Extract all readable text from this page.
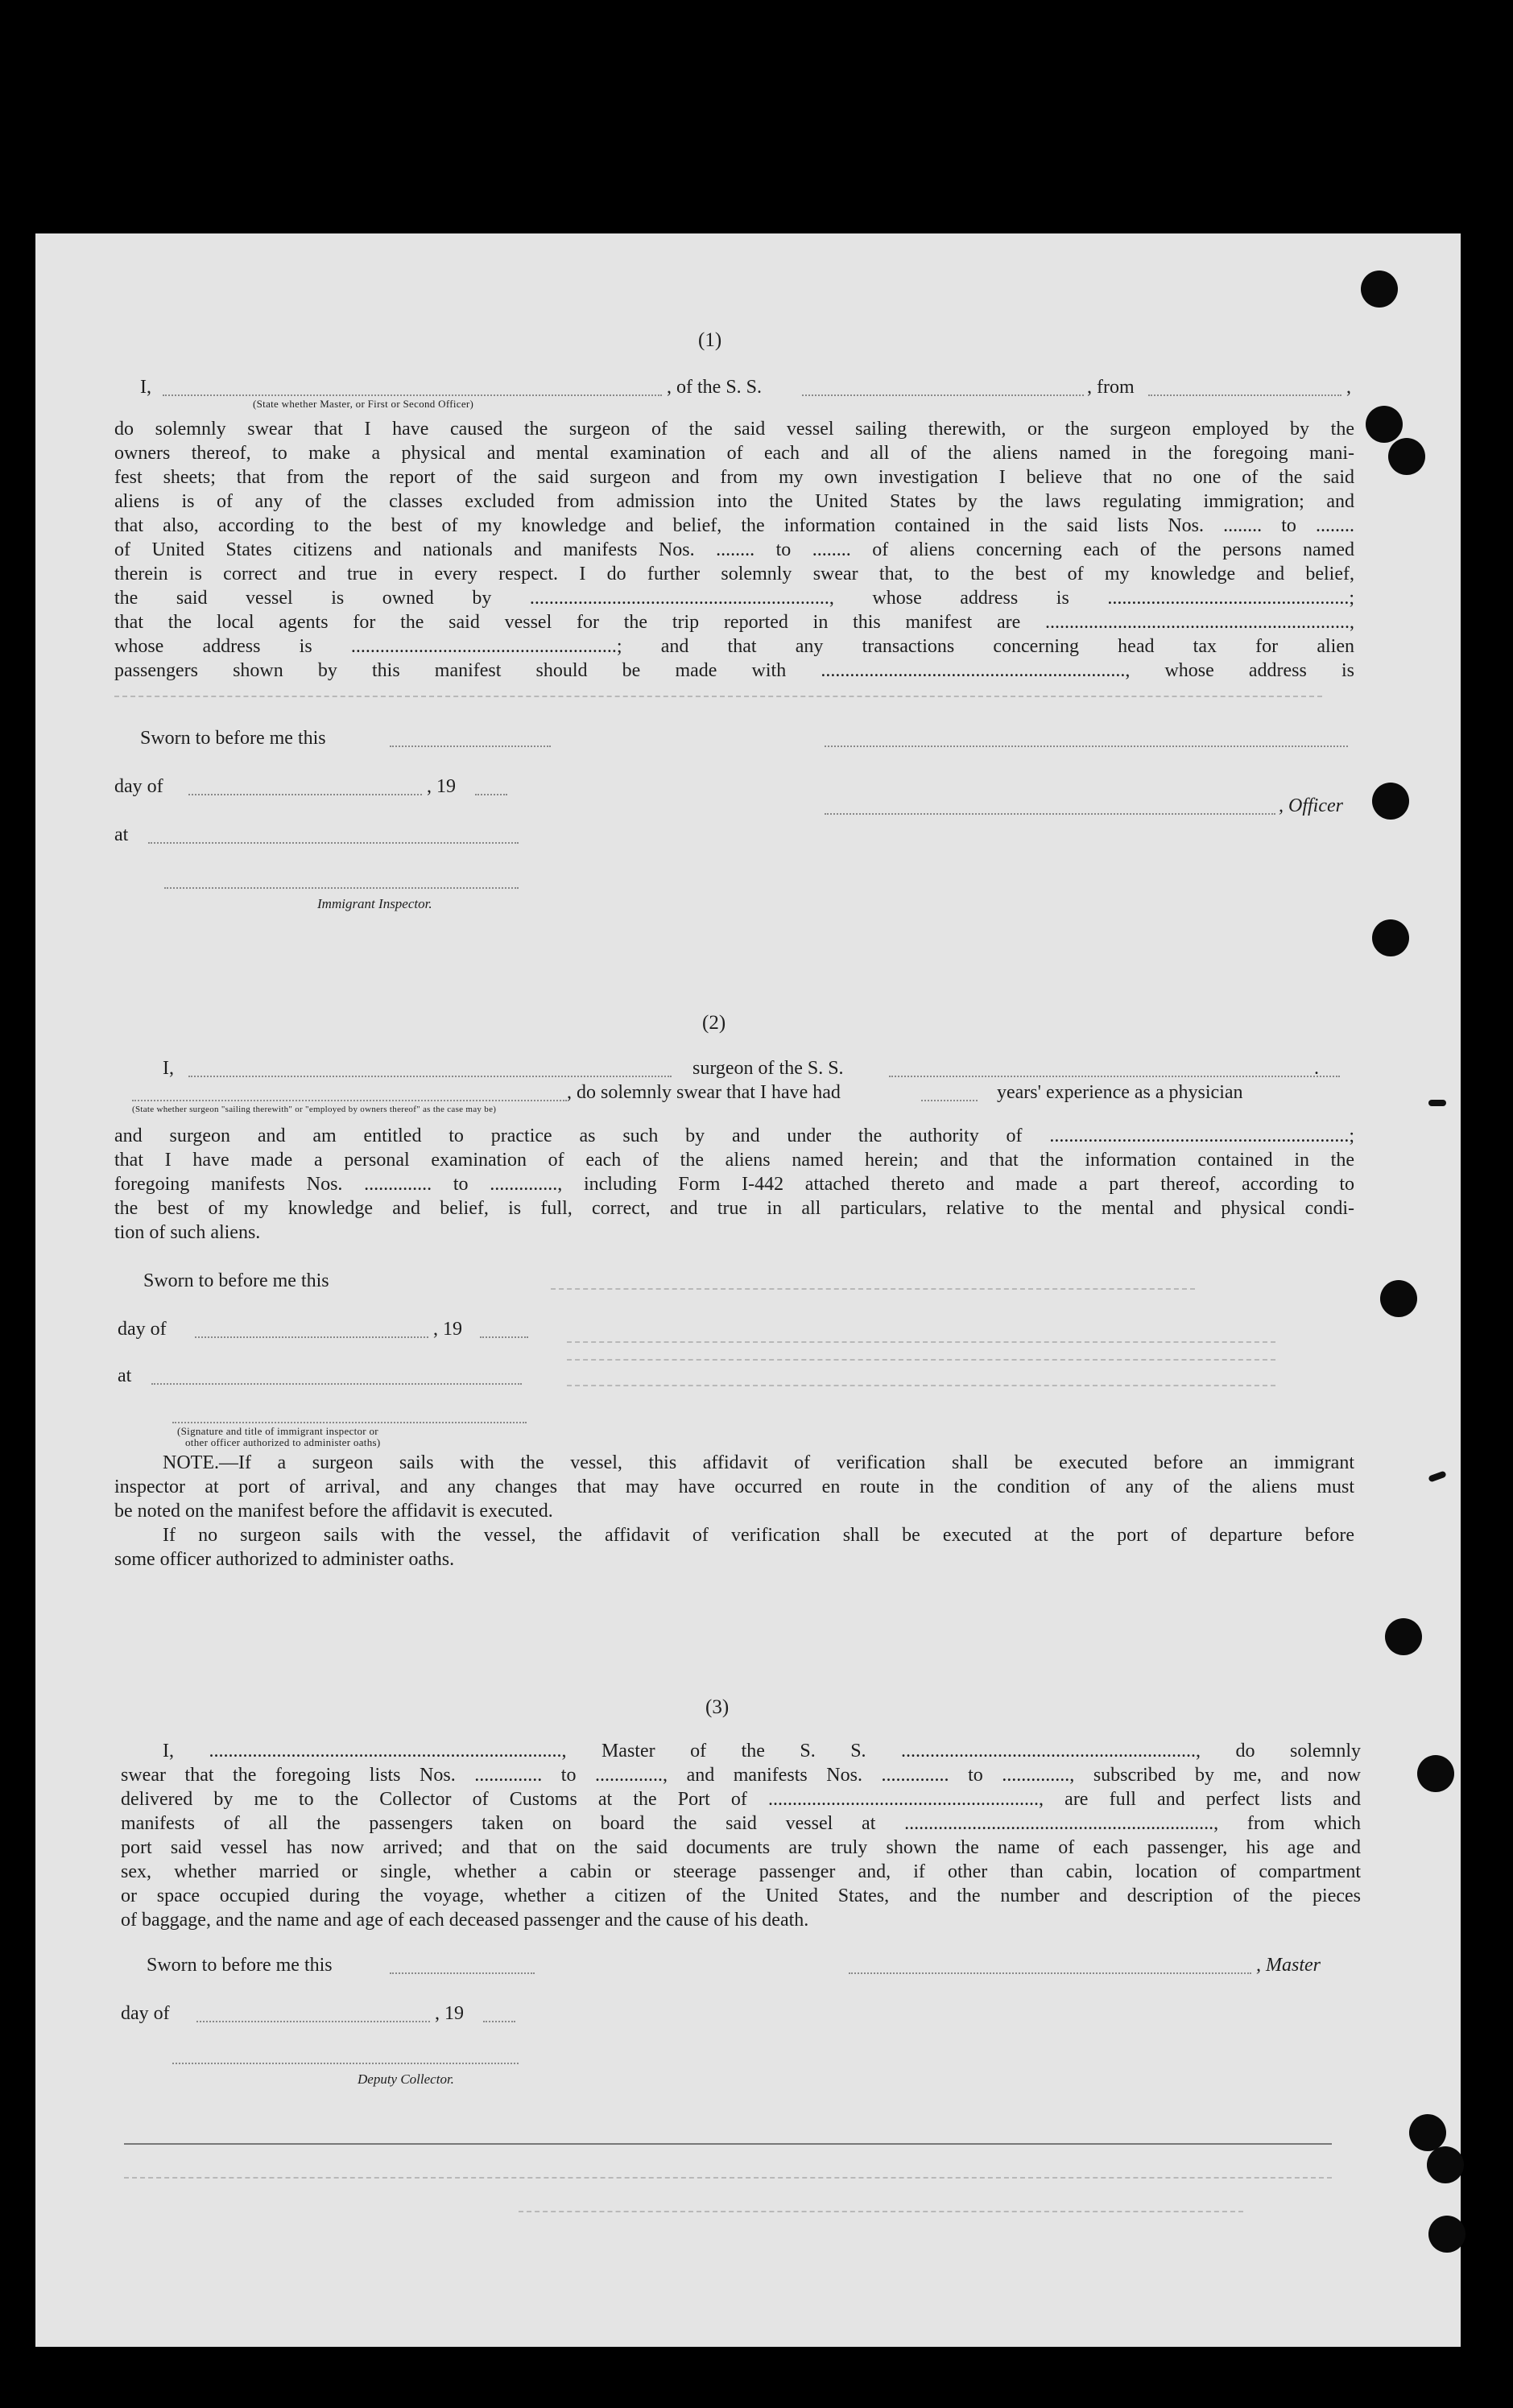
(1)
I,	, of the S. S.	, from	,
(State whether Master, or First or Second Officer)
do solemnly swear that I have caused the surgeon of the said vessel sailing therewith, or the surgeon employed by the
owners thereof, to make a physical and mental examination of each and all of the aliens named in the foregoing mani-
fest sheets; that from the report of the said surgeon and from my own investigation I believe that no one of the said
aliens is of any of the classes excluded from admission into the United States by the laws regulating immigration; and
that also, according to the best of my knowledge and belief, the information contained in the said lists Nos. ........ to ........
of United States citizens and nationals and manifests Nos. ........ to ........ of aliens concerning each of the persons named
therein is correct and true in every respect. I do further solemnly swear that, to the best of my knowledge and belief,
the said vessel is owned by .............................................................., whose address is ..................................................;
that the local agents for the said vessel for the trip reported in this manifest are ...............................................................,
whose address is .......................................................; and that any transactions concerning head tax for alien
passengers shown by this manifest should be made with ..............................................................., whose address is
Sworn to before me this
day of	, 19
, Officer
at
Immigrant Inspector.
(2)
I,	surgeon of the S. S.	.
, do solemnly swear that I have had	years' experience as a physician
(State whether surgeon "sailing therewith" or "employed by owners thereof" as the case may be)
and surgeon and am entitled to practice as such by and under the authority of ..............................................................;
that I have made a personal examination of each of the aliens named herein; and that the information contained in the
foregoing manifests Nos. .............. to .............., including Form I-442 attached thereto and made a part thereof, according to
the best of my knowledge and belief, is full, correct, and true in all particulars, relative to the mental and physical condi-
tion of such aliens.
Sworn to before me this
day of	, 19
at
(Signature and title of immigrant inspector or
other officer authorized to administer oaths)
NOTE.—If a surgeon sails with the vessel, this affidavit of verification shall be executed before an immigrant
inspector at port of arrival, and any changes that may have occurred en route in the condition of any of the aliens must
be noted on the manifest before the affidavit is executed.
If no surgeon sails with the vessel, the affidavit of verification shall be executed at the port of departure before
some officer authorized to administer oaths.
(3)
I, ........................................................................., Master of the S. S. ............................................................., do solemnly
swear that the foregoing lists Nos. .............. to .............., and manifests Nos. .............. to .............., subscribed by me, and now
delivered by me to the Collector of Customs at the Port of ........................................................, are full and perfect lists and
manifests of all the passengers taken on board the said vessel at ................................................................, from which
port said vessel has now arrived; and that on the said documents are truly shown the name of each passenger, his age and
sex, whether married or single, whether a cabin or steerage passenger and, if other than cabin, location of compartment
or space occupied during the voyage, whether a citizen of the United States, and the number and description of the pieces
of baggage, and the name and age of each deceased passenger and the cause of his death.
Sworn to before me this	, Master
day of	, 19
Deputy Collector.
